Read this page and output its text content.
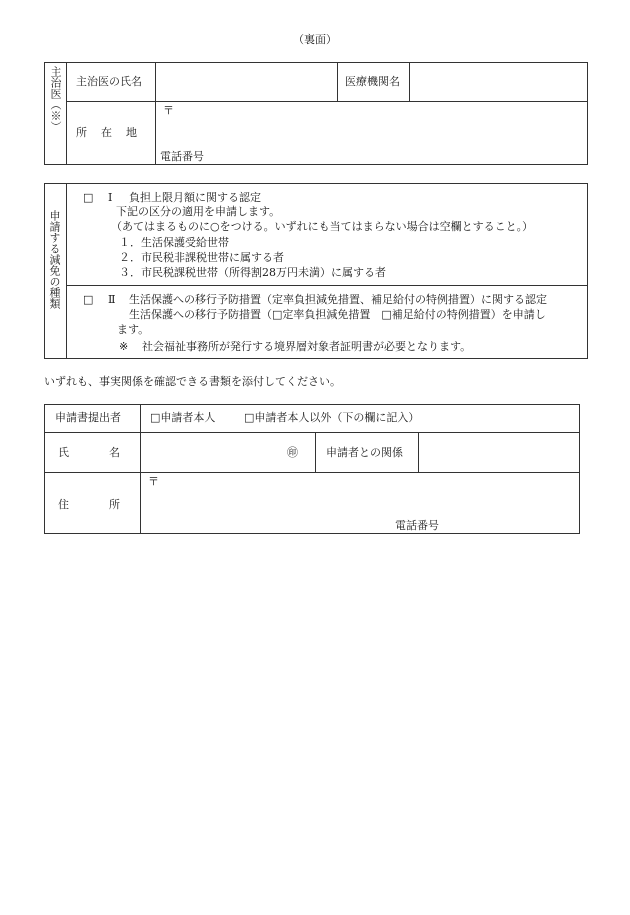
（裏面）
主治医（※） 主治医の氏名	医療機関名
所在地
〒
電話番号
申請する減免の種類
□ Ⅰ 負担上限月額に関する認定
下記の区分の適用を申請します。
（あてはまるものに○をつける。いずれにも当てはまらない場合は空欄とすること。）
１．生活保護受給世帯
２．市民税非課税世帯に属する者
３．市民税課税世帯（所得割28万円未満）に属する者
□ Ⅱ 生活保護への移行予防措置（定率負担減免措置、補足給付の特例措置）に関する認定
生活保護への移行予防措置（□定率負担減免措置　□補足給付の特例措置）を申請し
ます。
※ 社会福祉事務所が発行する境界層対象者証明書が必要となります。
いずれも、事実関係を確認できる書類を添付してください。
申請書提出者	□申請者本人	□申請者本人以外（下の欄に記入）
氏名	㊞	申請者との関係
住所
〒
電話番号
